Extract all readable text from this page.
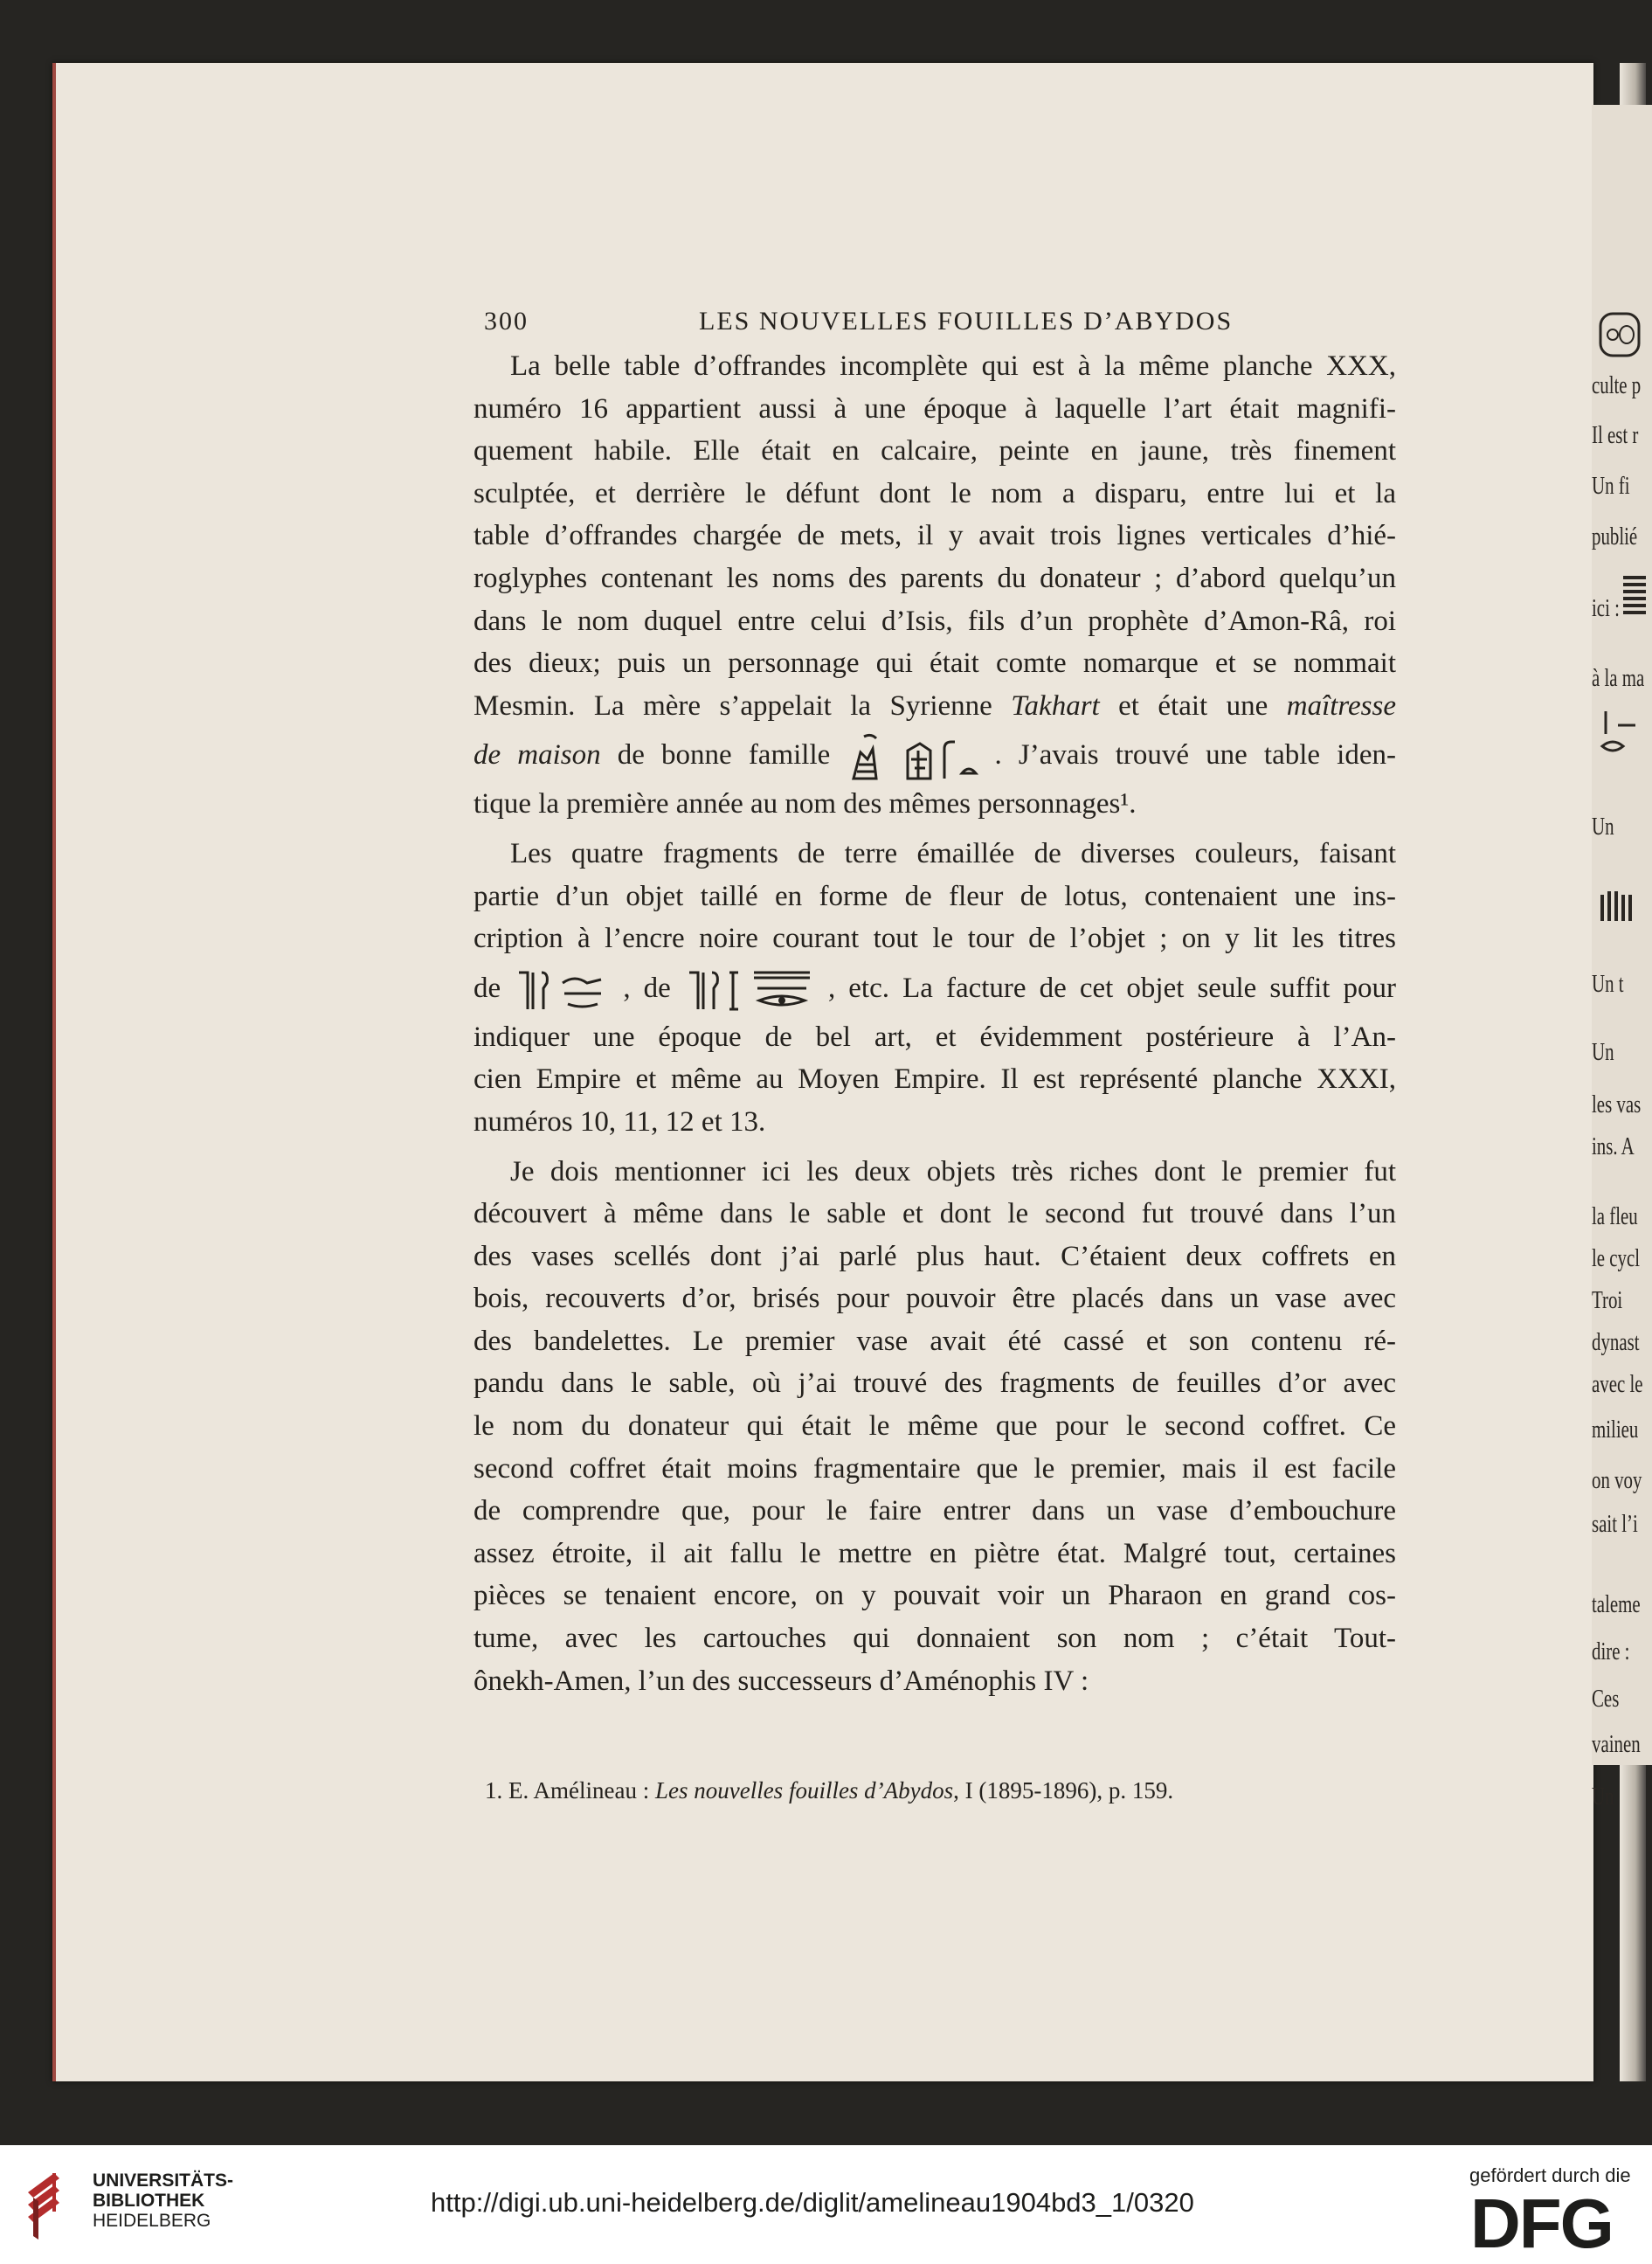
culte p
Il est r
Un fi
publié
ici :
à la ma
Un
Un t
Un
les vas
ins. A
la fleu
le cycl
Troi
dynast
avec le
milieu
on voy
sait l’i
taleme
dire :
Ces
vainen
Un
300	LES NOUVELLES FOUILLES D’ABYDOS
La belle table d’offrandes incomplète qui est à la même planche XXX,
numéro 16 appartient aussi à une époque à laquelle l’art était magnifi-
quement habile. Elle était en calcaire, peinte en jaune, très finement
sculptée, et derrière le défunt dont le nom a disparu, entre lui et la
table d’offrandes chargée de mets, il y avait trois lignes verticales d’hié-
roglyphes contenant les noms des parents du donateur ; d’abord quelqu’un
dans le nom duquel entre celui d’Isis, fils d’un prophète d’Amon-Râ, roi
des dieux; puis un personnage qui était comte nomarque et se nommait
Mesmin. La mère s’appelait la Syrienne Takhart et était une maîtresse
de maison de bonne famille	. J’avais trouvé une table iden-
tique la première année au nom des mêmes personnages¹.
Les quatre fragments de terre émaillée de diverses couleurs, faisant
partie d’un objet taillé en forme de fleur de lotus, contenaient une ins-
cription à l’encre noire courant tout le tour de l’objet ; on y lit les titres
de	, de	, etc. La facture de cet objet seule suffit pour
indiquer une époque de bel art, et évidemment postérieure à l’An-
cien Empire et même au Moyen Empire. Il est représenté planche XXXI,
numéros 10, 11, 12 et 13.
Je dois mentionner ici les deux objets très riches dont le premier fut
découvert à même dans le sable et dont le second fut trouvé dans l’un
des vases scellés dont j’ai parlé plus haut. C’étaient deux coffrets en
bois, recouverts d’or, brisés pour pouvoir être placés dans un vase avec
des bandelettes. Le premier vase avait été cassé et son contenu ré-
pandu dans le sable, où j’ai trouvé des fragments de feuilles d’or avec
le nom du donateur qui était le même que pour le second coffret. Ce
second coffret était moins fragmentaire que le premier, mais il est facile
de comprendre que, pour le faire entrer dans un vase d’embouchure
assez étroite, il ait fallu le mettre en piètre état. Malgré tout, certaines
pièces se tenaient encore, on y pouvait voir un Pharaon en grand cos-
tume, avec les cartouches qui donnaient son nom ; c’était Tout-
ônekh-Amen, l’un des successeurs d’Aménophis IV :
1. E. Amélineau : Les nouvelles fouilles d’Abydos, I (1895-1896), p. 159.
UNIVERSITÄTS-
BIBLIOTHEK
HEIDELBERG
http://digi.ub.uni-heidelberg.de/diglit/amelineau1904bd3_1/0320
gefördert durch die
DFG
